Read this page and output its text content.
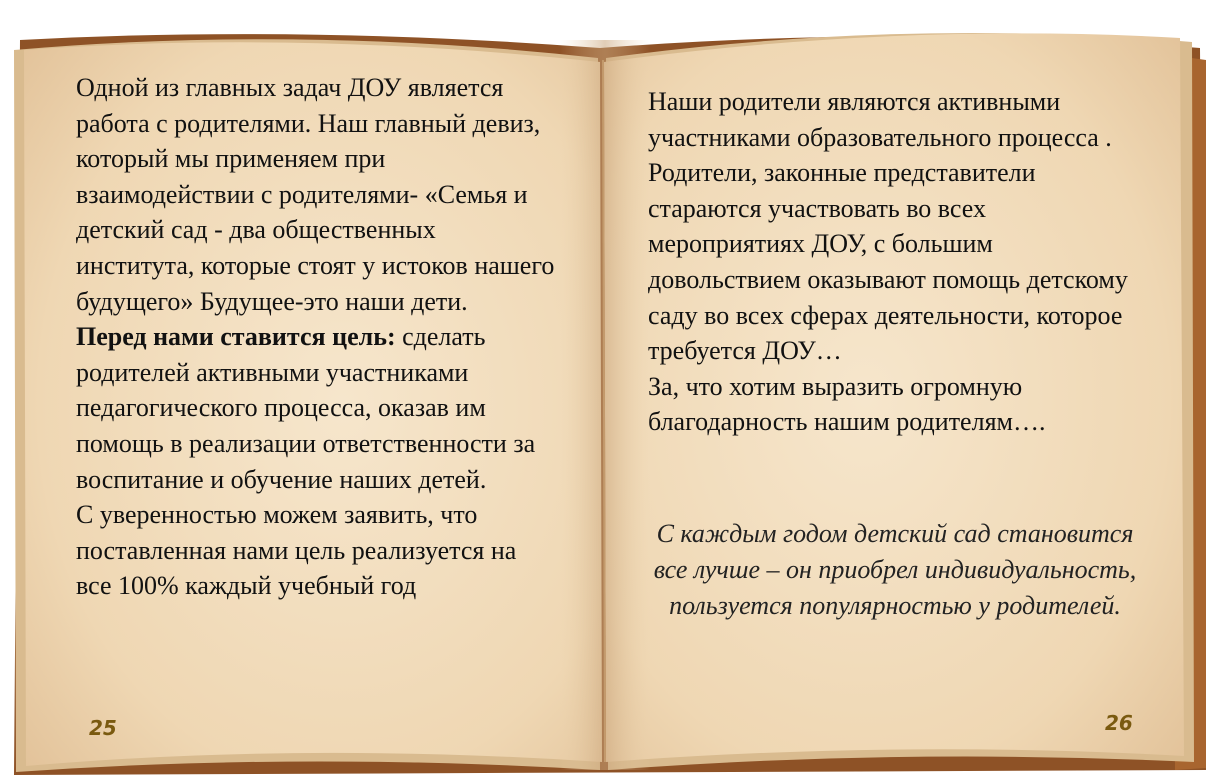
Одной из главных задач ДОУ является работа с родителями. Наш главный девиз, который мы применяем при взаимодействии с родителями- «Семья и детский сад - два общественных института, которые стоят у истоков нашего будущего» Будущее-это наши дети.

Перед нами ставится цель: сделать родителей активными участниками педагогического процесса, оказав им помощь в реализации ответственности за воспитание и обучение наших детей.

С уверенностью можем заявить, что поставленная нами цель реализуется на все 100% каждый учебный год

Наши родители являются активными участниками образовательного процесса . Родители, законные представители стараются участвовать во всех мероприятиях ДОУ, с большим довольствием оказывают помощь детскому саду во всех сферах деятельности, которое требуется ДОУ…

За, что хотим выразить огромную благодарность нашим родителям….

С каждым годом детский сад становится все лучше – он приобрел индивидуальность, пользуется популярностью у родителей.
25	26
